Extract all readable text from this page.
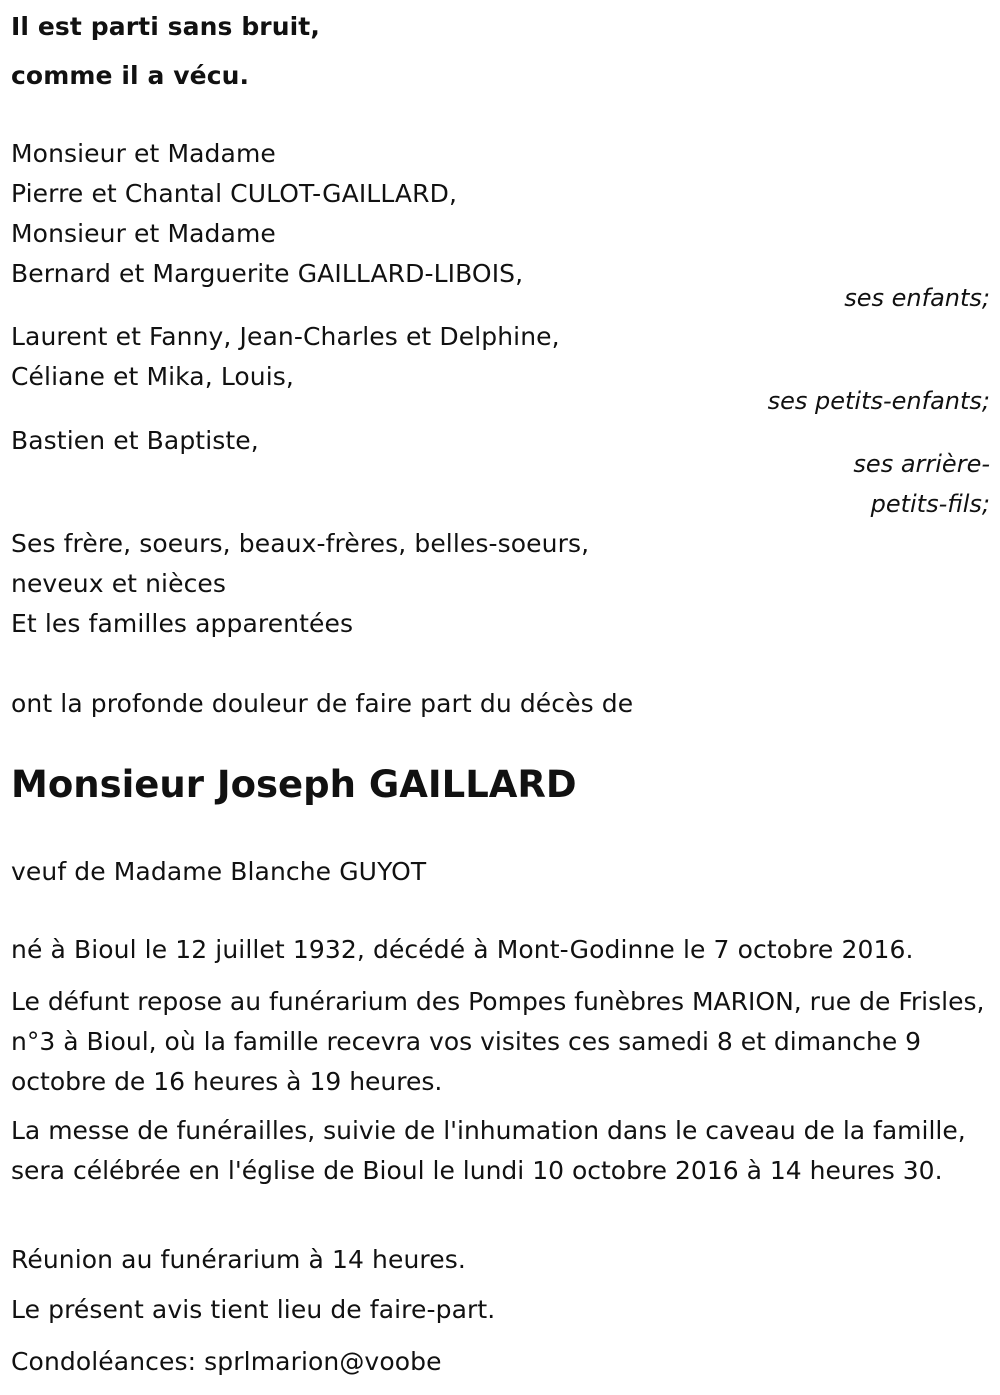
Il est parti sans bruit,
comme il a vécu.
Monsieur et Madame
Pierre et Chantal CULOT-GAILLARD,
Monsieur et Madame
Bernard et Marguerite GAILLARD-LIBOIS,
ses enfants;
Laurent et Fanny, Jean-Charles et Delphine,
Céliane et Mika, Louis,
ses petits-enfants;
Bastien et Baptiste,
ses arrière-
petits-fils;
Ses frère, soeurs, beaux-frères, belles-soeurs,
neveux et nièces
Et les familles apparentées
ont la profonde douleur de faire part du décès de
Monsieur Joseph GAILLARD
veuf de Madame Blanche GUYOT
né à Bioul le 12 juillet 1932, décédé à Mont-Godinne le 7 octobre 2016.
Le défunt repose au funérarium des Pompes funèbres MARION, rue de Frisles, n°3 à Bioul, où la famille recevra vos visites ces samedi 8 et dimanche 9 octobre de 16 heures à 19 heures.
La messe de funérailles, suivie de l'inhumation dans le caveau de la famille, sera célébrée en l'église de Bioul le lundi 10 octobre 2016 à 14 heures 30.
Réunion au funérarium à 14 heures.
Le présent avis tient lieu de faire-part.
Condoléances: sprlmarion@voobe
